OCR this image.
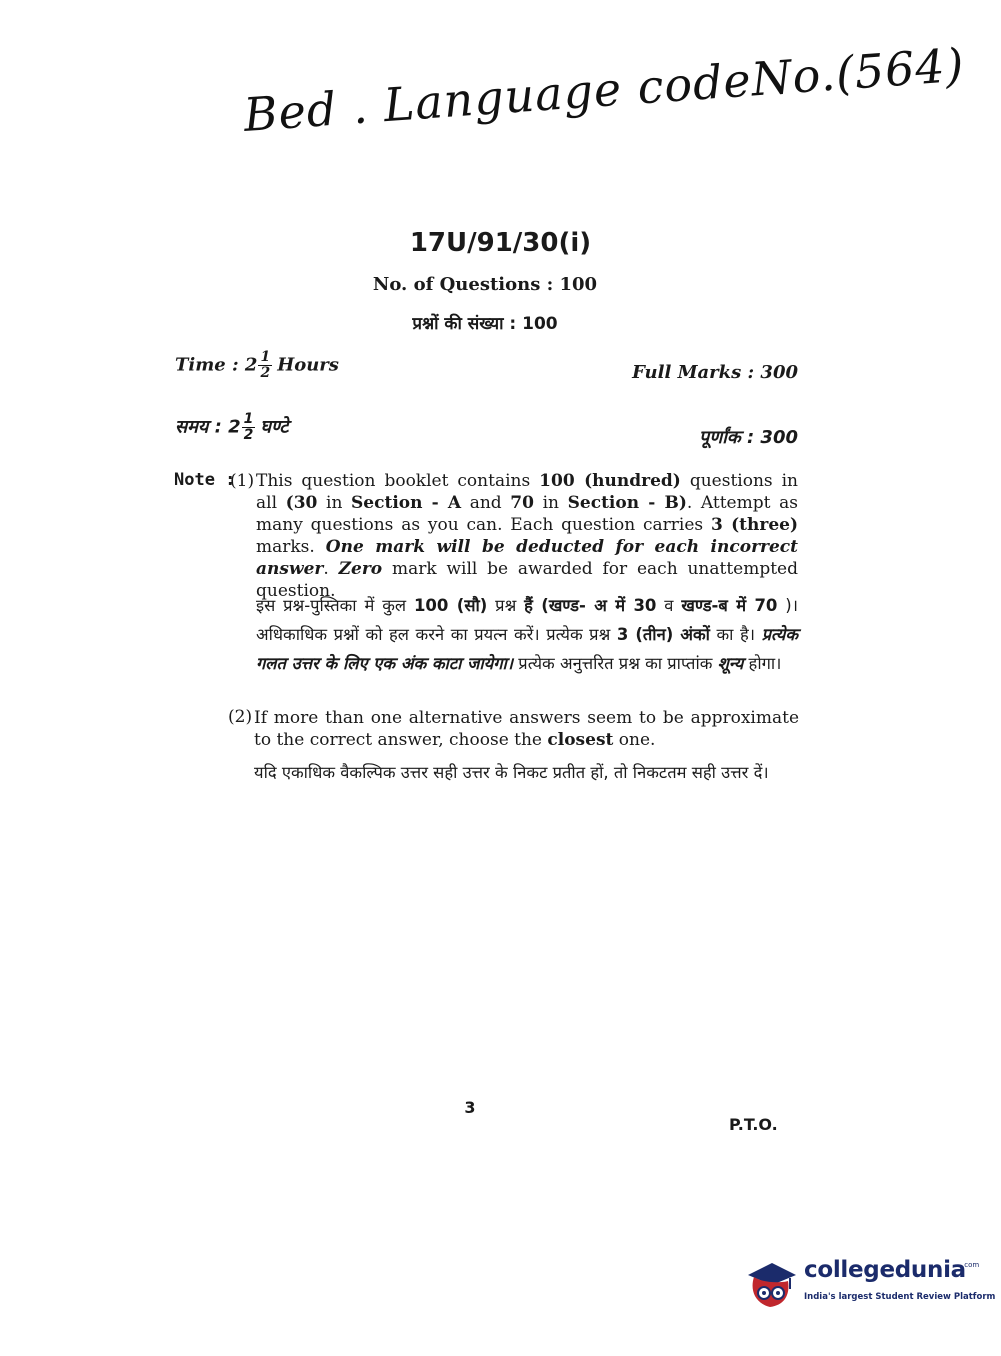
Bed . Language codeNo.(564)
17U/91/30(i)
No. of Questions : 100
प्रश्नों की संख्या : 100
Time : $2 \frac{1}{2}$ Hours	Full Marks : 300
समय : $2 \frac{1}{2}$ घण्टे	पूर्णांक : 300
Note :
(1) This question booklet contains 100 (hundred) questions in all (30 in Section - A and 70 in Section - B). Attempt as many questions as you can. Each question carries 3 (three) marks. One mark will be deducted for each incorrect answer. Zero mark will be awarded for each unattempted question.
इस प्रश्न-पुस्तिका में कुल 100 (सौ) प्रश्न हैं (खण्ड- अ में 30 व खण्ड-ब में 70 )। अधिकाधिक प्रश्नों को हल करने का प्रयत्न करें। प्रत्येक प्रश्न 3 (तीन) अंकों का है। प्रत्येक गलत उत्तर के लिए एक अंक काटा जायेगा। प्रत्येक अनुत्तरित प्रश्न का प्राप्तांक शून्य होगा।
(2) If more than one alternative answers seem to be approximate to the correct answer, choose the closest one.
यदि एकाधिक वैकल्पिक उत्तर सही उत्तर के निकट प्रतीत हों, तो निकटतम सही उत्तर दें।
3
P.T.O.
collegedunia
.com
India's largest Student Review Platform
